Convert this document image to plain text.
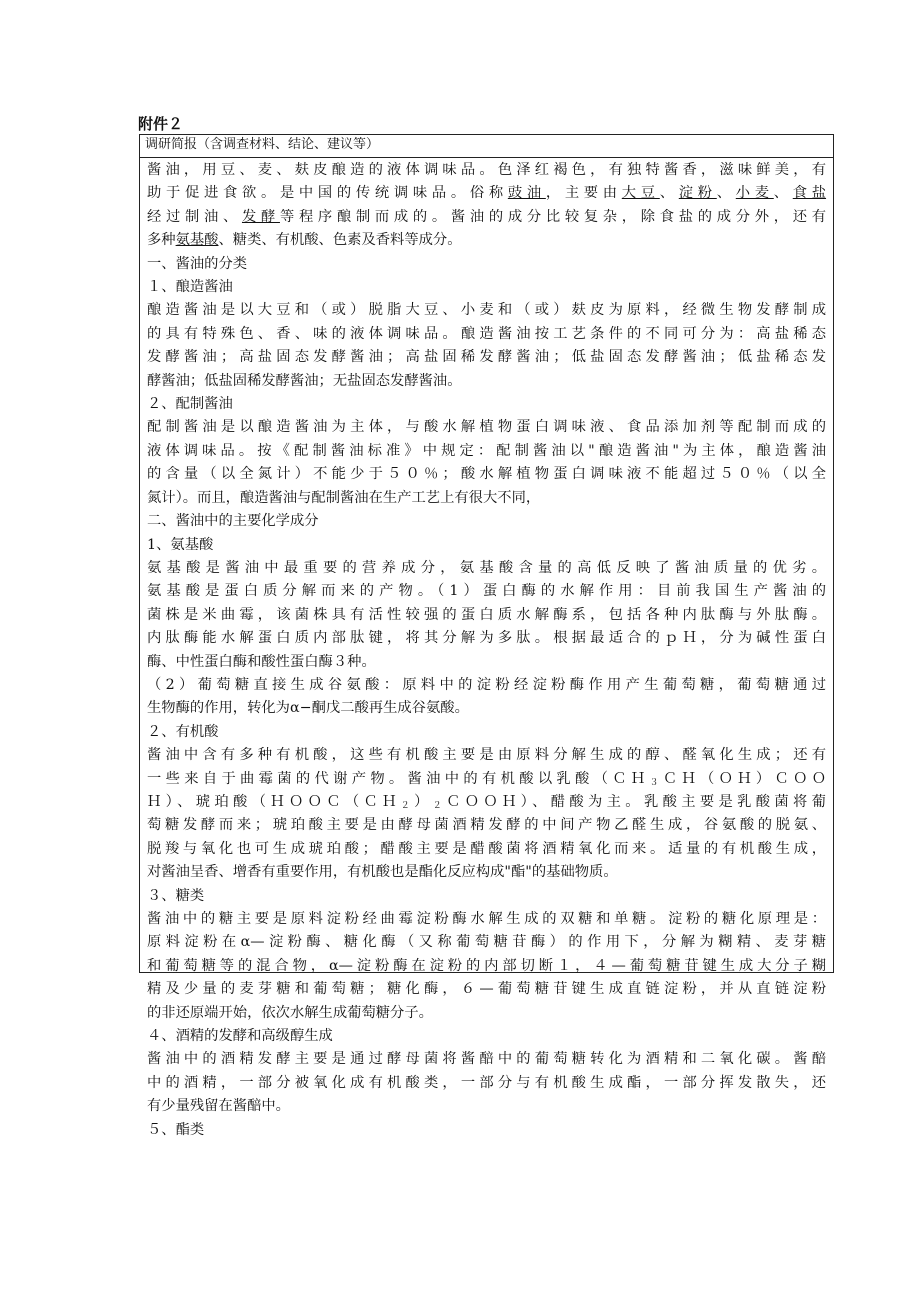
附件２
调研简报（含调查材料、结论、建议等）

酱油，用豆、麦、麸皮酿造的液体调味品。色泽红褐色，有独特酱香，滋味鲜美，有

助于促进食欲。是中国的传统调味品。俗称豉油，主要由大豆、淀粉、小麦、食盐

经过制油、发酵等程序酿制而成的。酱油的成分比较复杂，除食盐的成分外，还有

多种氨基酸、糖类、有机酸、色素及香料等成分。

一、酱油的分类

１、酿造酱油

酿造酱油是以大豆和（或）脱脂大豆、小麦和（或）麸皮为原料，经微生物发酵制成

的具有特殊色、香、味的液体调味品。酿造酱油按工艺条件的不同可分为：高盐稀态

发酵酱油；高盐固态发酵酱油；高盐固稀发酵酱油；低盐固态发酵酱油；低盐稀态发

酵酱油；低盐固稀发酵酱油；无盐固态发酵酱油。

２、配制酱油

配制酱油是以酿造酱油为主体，与酸水解植物蛋白调味液、食品添加剂等配制而成的

液体调味品。按《配制酱油标准》中规定：配制酱油以"酿造酱油"为主体，酿造酱油

的含量（以全氮计）不能少于５０％；酸水解植物蛋白调味液不能超过５０％（以全

氮计）。而且，酿造酱油与配制酱油在生产工艺上有很大不同，

二、酱油中的主要化学成分

1、氨基酸

氨基酸是酱油中最重要的营养成分，氨基酸含量的高低反映了酱油质量的优劣。

氨基酸是蛋白质分解而来的产物。（1）蛋白酶的水解作用：目前我国生产酱油的

菌株是米曲霉，该菌株具有活性较强的蛋白质水解酶系，包括各种内肽酶与外肽酶。

内肽酶能水解蛋白质内部肽键，将其分解为多肽。根据最适合的ｐＨ，分为碱性蛋白

酶、中性蛋白酶和酸性蛋白酶３种。

（2）葡萄糖直接生成谷氨酸：原料中的淀粉经淀粉酶作用产生葡萄糖，葡萄糖通过

生物酶的作用，转化为α−酮戊二酸再生成谷氨酸。

２、有机酸

酱油中含有多种有机酸，这些有机酸主要是由原料分解生成的醇、醛氧化生成；还有

一些来自于曲霉菌的代谢产物。酱油中的有机酸以乳酸（ＣＨ$_3$ＣＨ（ＯＨ）ＣＯＯ

Ｈ）、琥珀酸$(HOOC(CH_2)_2COOH)$、醋酸为主。乳酸主要是乳酸菌将葡

萄糖发酵而来；琥珀酸主要是由酵母菌酒精发酵的中间产物乙醛生成，谷氨酸的脱氨、

脱羧与氧化也可生成琥珀酸；醋酸主要是醋酸菌将酒精氧化而来。适量的有机酸生成，

对酱油呈香、增香有重要作用，有机酸也是酯化反应构成"酯"的基础物质。

３、糖类

酱油中的糖主要是原料淀粉经曲霉淀粉酶水解生成的双糖和单糖。淀粉的糖化原理是：

原料淀粉在α—淀粉酶、糖化酶（又称葡萄糖苷酶）的作用下，分解为糊精、麦芽糖

和葡萄糖等的混合物，α—淀粉酶在淀粉的内部切断１，４—葡萄糖苷键生成大分子糊

精及少量的麦芽糖和葡萄糖；糖化酶，６—葡萄糖苷键生成直链淀粉，并从直链淀粉

的非还原端开始，依次水解生成葡萄糖分子。

４、酒精的发酵和高级醇生成

酱油中的酒精发酵主要是通过酵母菌将酱醅中的葡萄糖转化为酒精和二氧化碳。酱醅

中的酒精，一部分被氧化成有机酸类，一部分与有机酸生成酯，一部分挥发散失，还

有少量残留在酱醅中。

５、酯类
